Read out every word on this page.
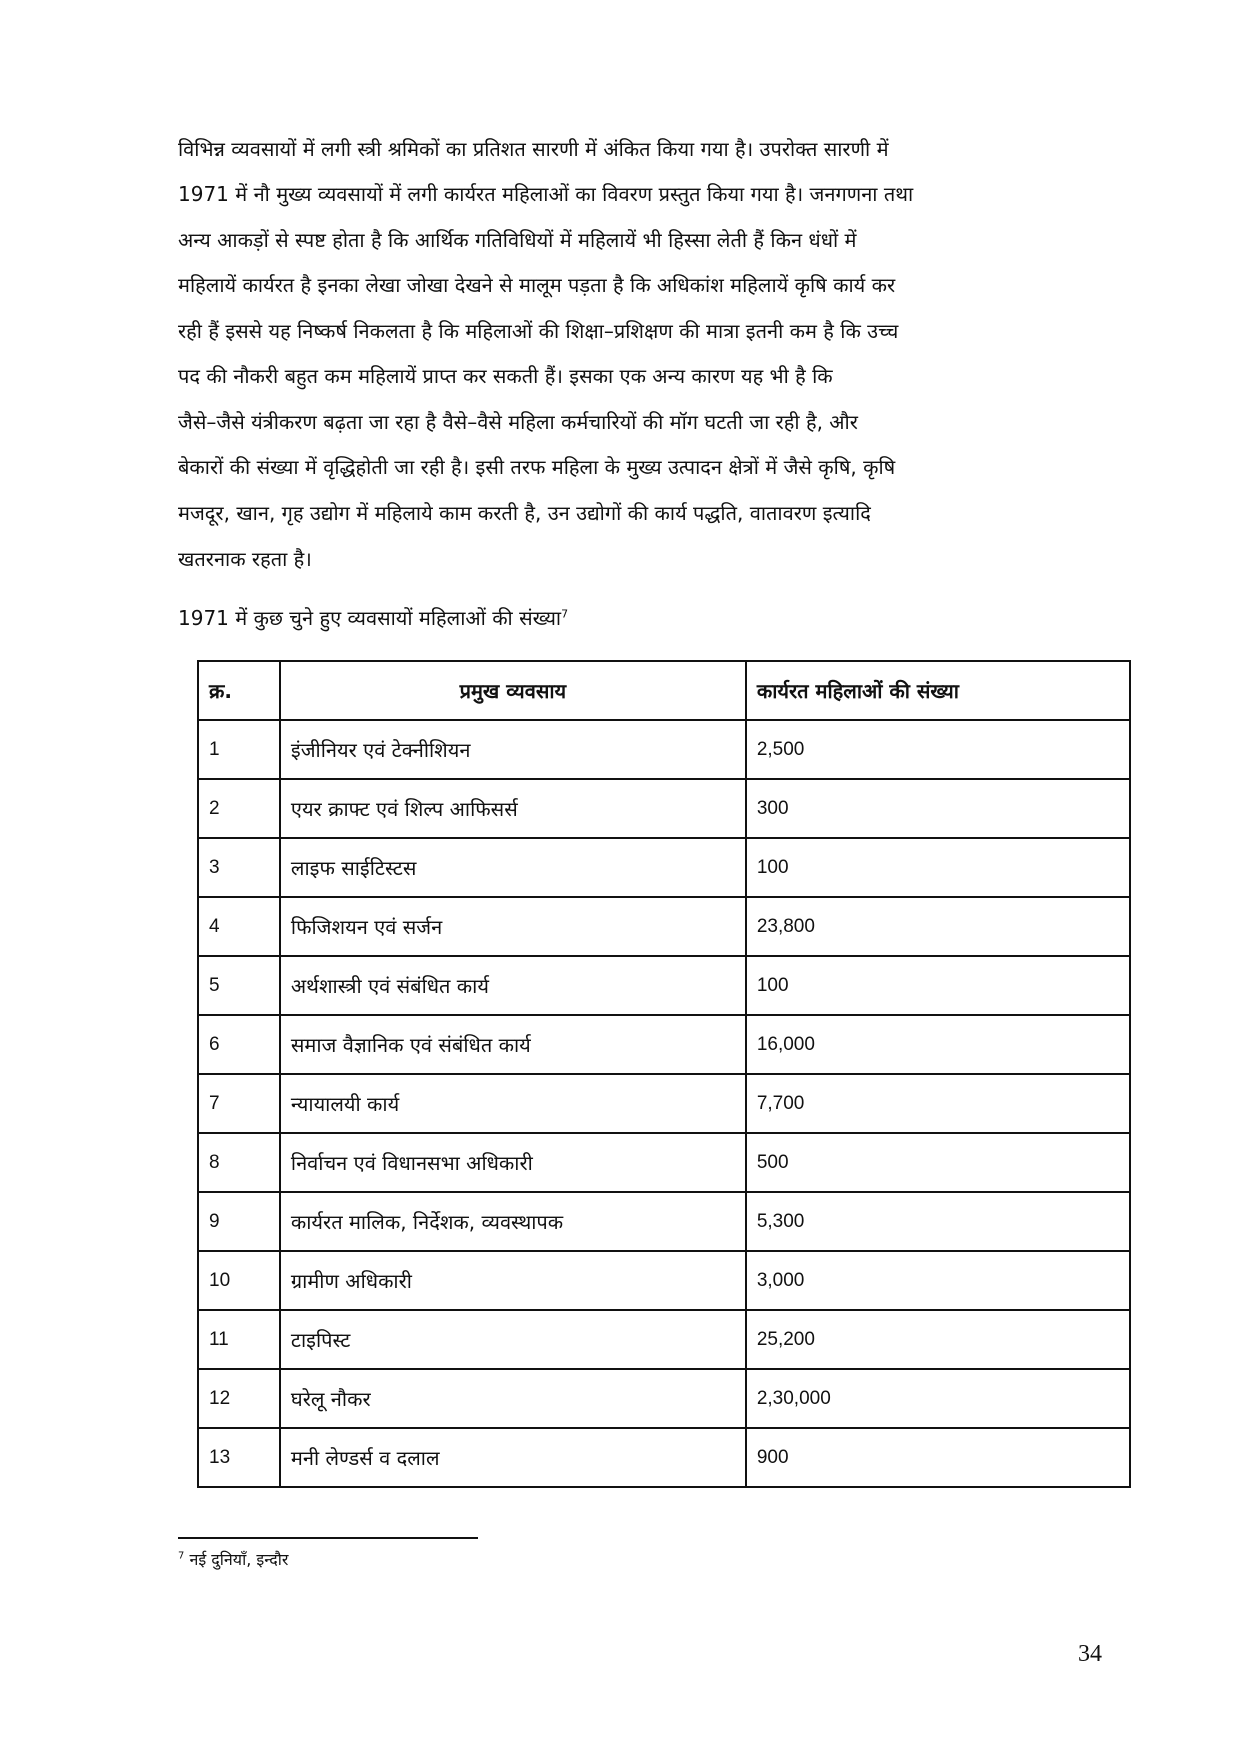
विभिन्न व्यवसायों में लगी स्त्री श्रमिकों का प्रतिशत सारणी में अंकित किया गया है। उपरोक्त सारणी में
1971 में नौ मुख्य व्यवसायों में लगी कार्यरत महिलाओं का विवरण प्रस्तुत किया गया है। जनगणना तथा
अन्य आकड़ों से स्पष्ट होता है कि आर्थिक गतिविधियों में महिलायें भी हिस्सा लेती हैं किन धंधों में
महिलायें कार्यरत है इनका लेखा जोखा देखने से मालूम पड़ता है कि अधिकांश महिलायें कृषि कार्य कर
रही हैं इससे यह निष्कर्ष निकलता है कि महिलाओं की शिक्षा–प्रशिक्षण की मात्रा इतनी कम है कि उच्च
पद की नौकरी बहुत कम महिलायें प्राप्त कर सकती हैं। इसका एक अन्य कारण यह भी है कि
जैसे–जैसे यंत्रीकरण बढ़ता जा रहा है वैसे–वैसे महिला कर्मचारियों की मॉग घटती जा रही है, और
बेकारों की संख्या में वृद्धिहोती जा रही है। इसी तरफ महिला के मुख्य उत्पादन क्षेत्रों में जैसे कृषि, कृषि
मजदूर, खान, गृह उद्योग में महिलाये काम करती है, उन उद्योगों की कार्य पद्धति, वातावरण इत्यादि
खतरनाक रहता है।
1971 में कुछ चुने हुए व्यवसायों महिलाओं की संख्या$^7$
क्र.	प्रमुख व्यवसाय	कार्यरत महिलाओं की संख्या
1	इंजीनियर एवं टेक्नीशियन	2,500
2	एयर क्राफ्ट एवं शिल्प आफिसर्स	300
3	लाइफ साईटिस्टस	100
4	फिजिशयन एवं सर्जन	23,800
5	अर्थशास्त्री एवं संबंधित कार्य	100
6	समाज वैज्ञानिक एवं संबंधित कार्य	16,000
7	न्यायालयी कार्य	7,700
8	निर्वाचन एवं विधानसभा अधिकारी	500
9	कार्यरत मालिक, निर्देशक, व्यवस्थापक	5,300
10	ग्रामीण अधिकारी	3,000
11	टाइपिस्ट	25,200
12	घरेलू नौकर	2,30,000
13	मनी लेण्डर्स व दलाल	900
$^7$ नई दुनियाँ, इन्दौर
34
